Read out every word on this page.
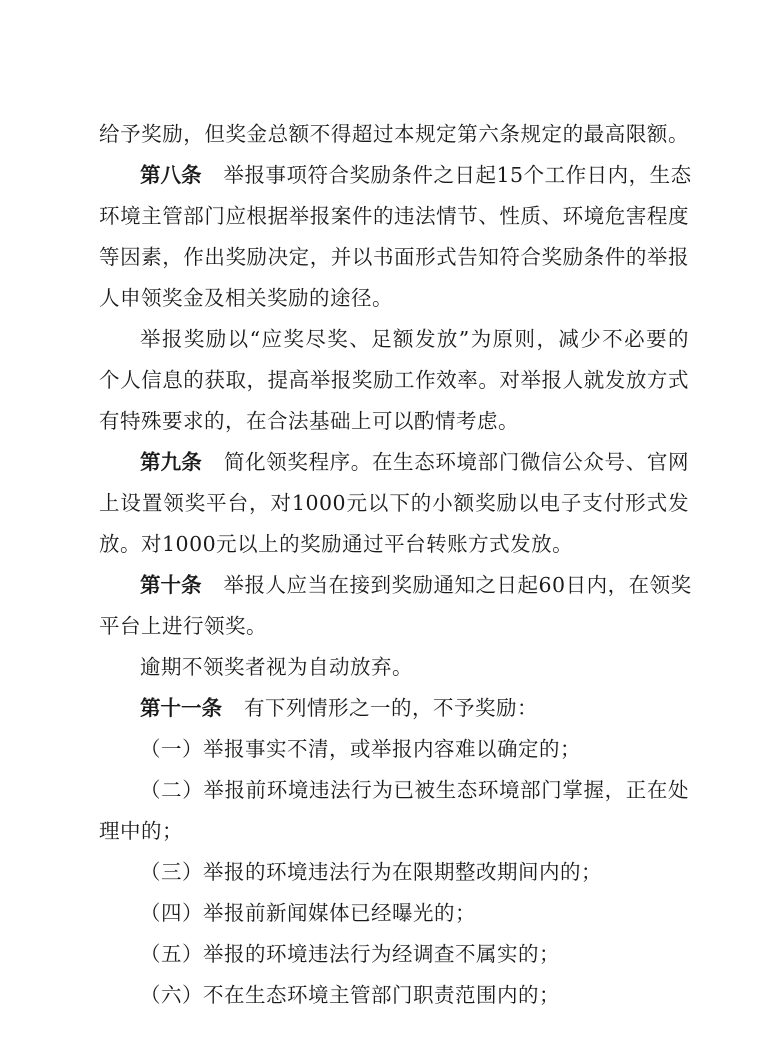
给予奖励，但奖金总额不得超过本规定第六条规定的最高限额。
第八条 举报事项符合奖励条件之日起15个工作日内，生态
环境主管部门应根据举报案件的违法情节、性质、环境危害程度
等因素，作出奖励决定，并以书面形式告知符合奖励条件的举报
人申领奖金及相关奖励的途径。
举报奖励以“应奖尽奖、足额发放”为原则，减少不必要的
个人信息的获取，提高举报奖励工作效率。对举报人就发放方式
有特殊要求的，在合法基础上可以酌情考虑。
第九条 简化领奖程序。在生态环境部门微信公众号、官网
上设置领奖平台，对1000元以下的小额奖励以电子支付形式发
放。对1000元以上的奖励通过平台转账方式发放。
第十条 举报人应当在接到奖励通知之日起60日内，在领奖
平台上进行领奖。
逾期不领奖者视为自动放弃。
第十一条 有下列情形之一的，不予奖励：
（一）举报事实不清，或举报内容难以确定的；
（二）举报前环境违法行为已被生态环境部门掌握，正在处
理中的；
（三）举报的环境违法行为在限期整改期间内的；
（四）举报前新闻媒体已经曝光的；
（五）举报的环境违法行为经调查不属实的；
（六）不在生态环境主管部门职责范围内的；
